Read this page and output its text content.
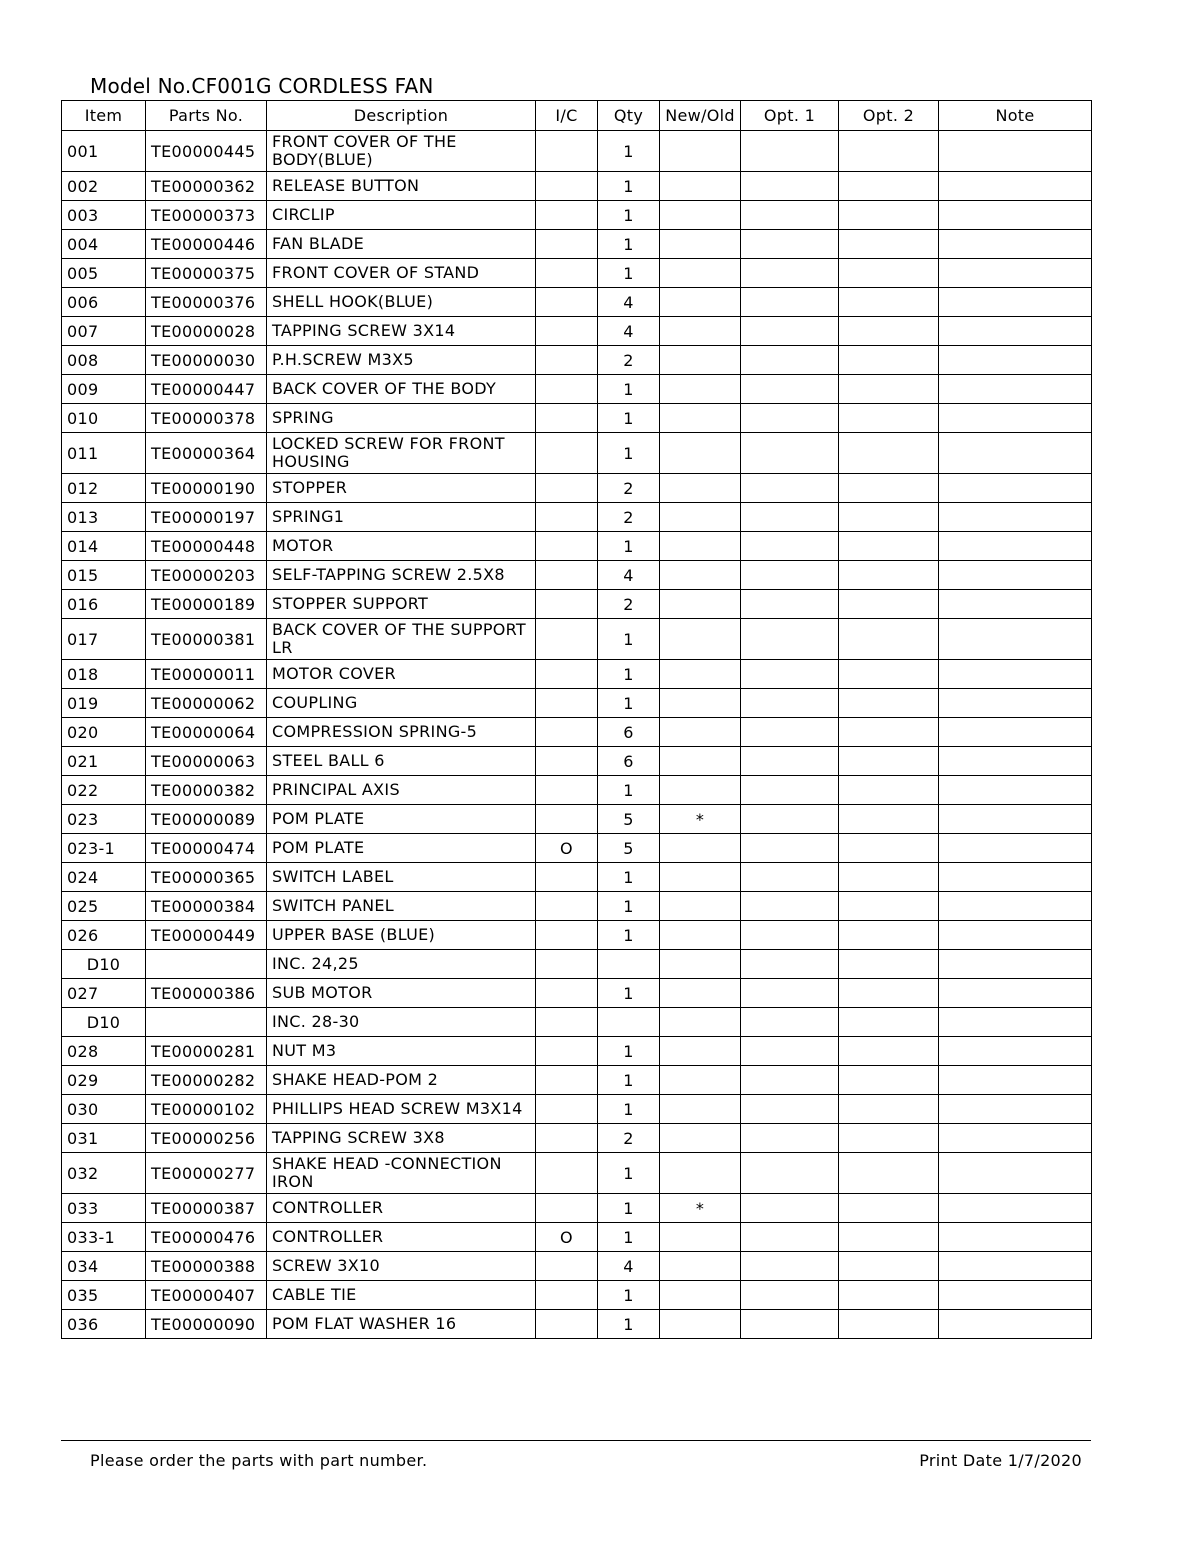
Model No.CF001G CORDLESS FAN
Item	Parts No.	Description	I/C	Qty	New/Old	Opt. 1	Opt. 2	Note
001	TE00000445	FRONT COVER OF THE BODY(BLUE)		1				
002	TE00000362	RELEASE BUTTON		1				
003	TE00000373	CIRCLIP		1				
004	TE00000446	FAN BLADE		1				
005	TE00000375	FRONT COVER OF STAND		1				
006	TE00000376	SHELL HOOK(BLUE)		4				
007	TE00000028	TAPPING SCREW 3X14		4				
008	TE00000030	P.H.SCREW M3X5		2				
009	TE00000447	BACK COVER OF THE BODY		1				
010	TE00000378	SPRING		1				
011	TE00000364	LOCKED SCREW FOR FRONT HOUSING		1				
012	TE00000190	STOPPER		2				
013	TE00000197	SPRING1		2				
014	TE00000448	MOTOR		1				
015	TE00000203	SELF-TAPPING SCREW 2.5X8		4				
016	TE00000189	STOPPER SUPPORT		2				
017	TE00000381	BACK COVER OF THE SUPPORT LR		1				
018	TE00000011	MOTOR COVER		1				
019	TE00000062	COUPLING		1				
020	TE00000064	COMPRESSION SPRING-5		6				
021	TE00000063	STEEL BALL 6		6				
022	TE00000382	PRINCIPAL AXIS		1				
023	TE00000089	POM PLATE		5	*			
023-1	TE00000474	POM PLATE	O	5				
024	TE00000365	SWITCH LABEL		1				
025	TE00000384	SWITCH PANEL		1				
026	TE00000449	UPPER BASE (BLUE)		1				
D10		INC. 24,25						
027	TE00000386	SUB MOTOR		1				
D10		INC. 28-30						
028	TE00000281	NUT M3		1				
029	TE00000282	SHAKE HEAD-POM 2		1				
030	TE00000102	PHILLIPS HEAD SCREW M3X14		1				
031	TE00000256	TAPPING SCREW 3X8		2				
032	TE00000277	SHAKE HEAD -CONNECTION IRON		1				
033	TE00000387	CONTROLLER		1	*			
033-1	TE00000476	CONTROLLER	O	1				
034	TE00000388	SCREW 3X10		4				
035	TE00000407	CABLE TIE		1				
036	TE00000090	POM FLAT WASHER 16		1				
Please order the parts with part number.	Print Date 1/7/2020
